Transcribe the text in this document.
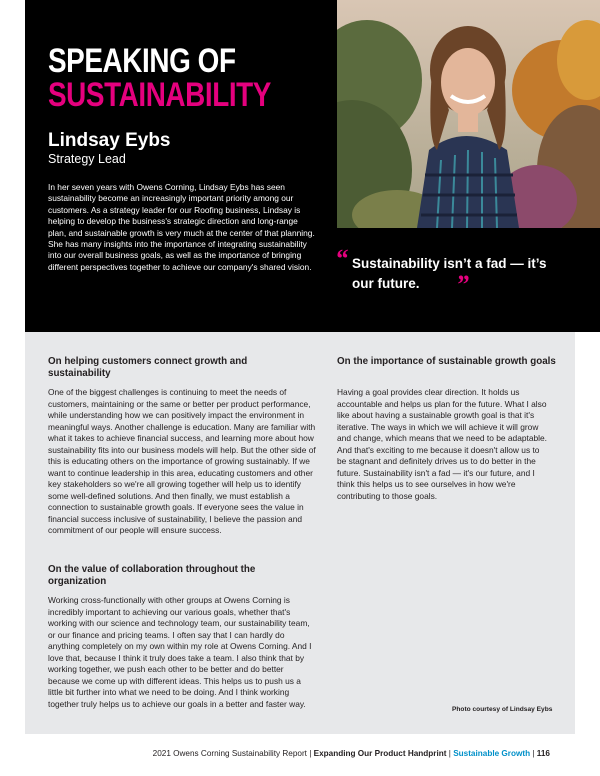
SPEAKING OF
SUSTAINABILITY
Lindsay Eybs
Strategy Lead
In her seven years with Owens Corning, Lindsay Eybs has seen sustainability become an increasingly important priority among our customers. As a strategy leader for our Roofing business, Lindsay is helping to develop the business's strategic direction and long-range plan, and sustainable growth is very much at the center of that planning. She has many insights into the importance of integrating sustainability into our overall business goals, as well as the importance of bringing different perspectives together to achieve our company's shared vision. “ Sustainability isn’t a fad — it’s our future.	”
On helping customers connect growth and sustainability
One of the biggest challenges is continuing to meet the needs of customers, maintaining or the same or better per product performance, while understanding how we can positively impact the environment in meaningful ways. Another challenge is education. Many are familiar with what it takes to achieve financial success, and learning more about how sustainability fits into our business models will help. But the other side of this is educating others on the importance of growing sustainably. If we want to continue leadership in this area, educating customers and other key stakeholders so we're all growing together will help us to identify some well-defined solutions. And then finally, we must establish a connection to sustainable growth goals. If everyone sees the value in financial success inclusive of sustainability, I believe the passion and commitment of our people will ensure success.
On the value of collaboration throughout the organization
Working cross-functionally with other groups at Owens Corning is incredibly important to achieving our various goals, whether that's working with our science and technology team, our sustainability team, or our finance and pricing teams. I often say that I can hardly do anything completely on my own within my role at Owens Corning. And I love that, because I think it truly does take a team. I also think that by working together, we push each other to be better and do better because we come up with different ideas. This helps us to push us a little bit further into what we need to be doing. And I think working together truly helps us to achieve our goals in a better and faster way.
On the importance of sustainable growth goals
Having a goal provides clear direction. It holds us accountable and helps us plan for the future. What I also like about having a sustainable growth goal is that it's iterative. The ways in which we will achieve it will grow and change, which means that we need to be adaptable. And that's exciting to me because it doesn't allow us to be stagnant and definitely drives us to do better in the future. Sustainability isn't a fad — it's our future, and I think this helps us to see ourselves in how we're contributing to those goals.
Photo courtesy of Lindsay Eybs
2021 Owens Corning Sustainability Report | Expanding Our Product Handprint | Sustainable Growth | 116
